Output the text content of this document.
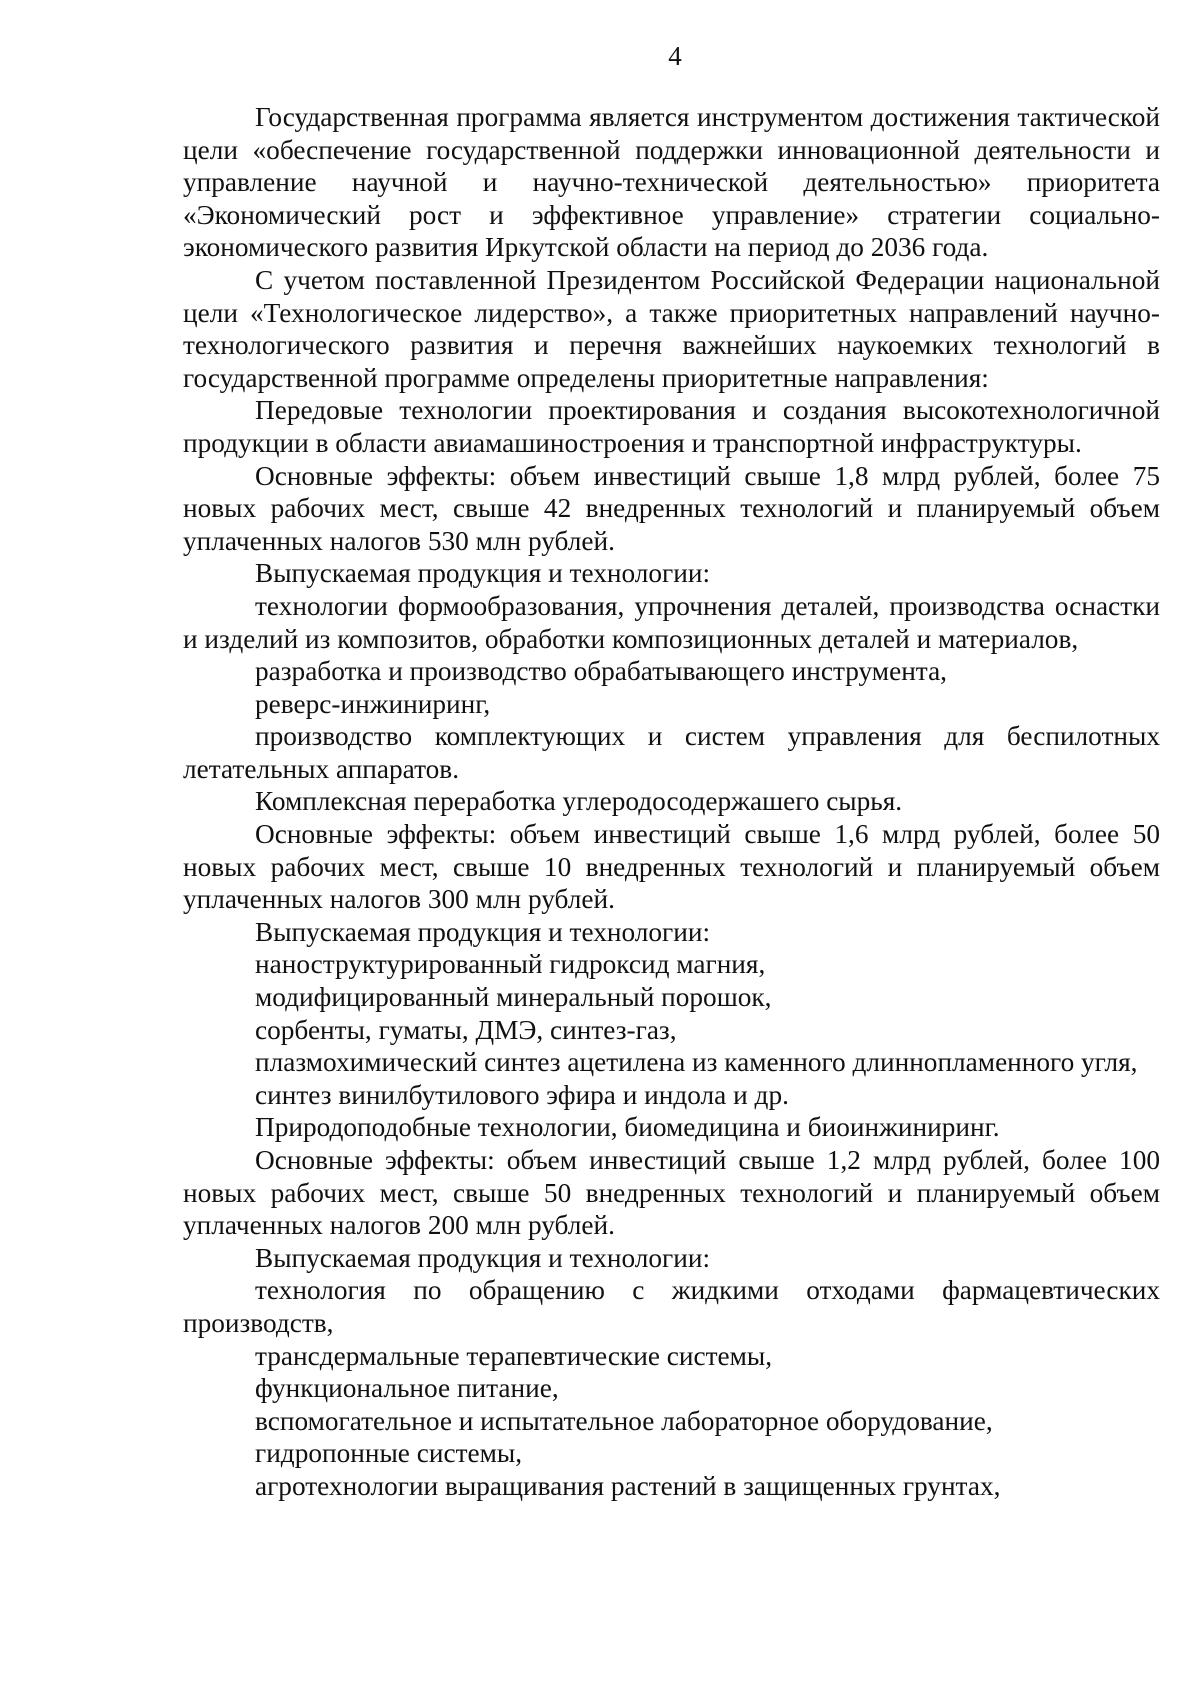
4

Государственная программа является инструментом достижения тактической цели «обеспечение государственной поддержки инновационной деятельности и управление научной и научно-технической деятельностью» приоритета «Экономический рост и эффективное управление» стратегии социально-экономического развития Иркутской области на период до 2036 года.

С учетом поставленной Президентом Российской Федерации национальной цели «Технологическое лидерство», а также приоритетных направлений научно-технологического развития и перечня важнейших наукоемких технологий в государственной программе определены приоритетные направления:

Передовые технологии проектирования и создания высокотехнологичной продукции в области авиамашиностроения и транспортной инфраструктуры.

Основные эффекты: объем инвестиций свыше 1,8 млрд рублей, более 75 новых рабочих мест, свыше 42 внедренных технологий и планируемый объем уплаченных налогов 530 млн рублей.

Выпускаемая продукция и технологии:

технологии формообразования, упрочнения деталей, производства оснастки и изделий из композитов, обработки композиционных деталей и материалов,

разработка и производство обрабатывающего инструмента,

реверс-инжиниринг,

производство комплектующих и систем управления для беспилотных летательных аппаратов.

Комплексная переработка углеродосодержашего сырья.

Основные эффекты: объем инвестиций свыше 1,6 млрд рублей, более 50 новых рабочих мест, свыше 10 внедренных технологий и планируемый объем уплаченных налогов 300 млн рублей.

Выпускаемая продукция и технологии:

наноструктурированный гидроксид магния,

модифицированный минеральный порошок,

сорбенты, гуматы, ДМЭ, синтез-газ,

плазмохимический синтез ацетилена из каменного длиннопламенного угля,

синтез винилбутилового эфира и индола и др.

Природоподобные технологии, биомедицина и биоинжиниринг.

Основные эффекты: объем инвестиций свыше 1,2 млрд рублей, более 100 новых рабочих мест, свыше 50 внедренных технологий и планируемый объем уплаченных налогов 200 млн рублей.

Выпускаемая продукция и технологии:

технология по обращению с жидкими отходами фармацевтических производств,

трансдермальные терапевтические системы,

функциональное питание,

вспомогательное и испытательное лабораторное оборудование,

гидропонные системы,

агротехнологии выращивания растений в защищенных грунтах,
